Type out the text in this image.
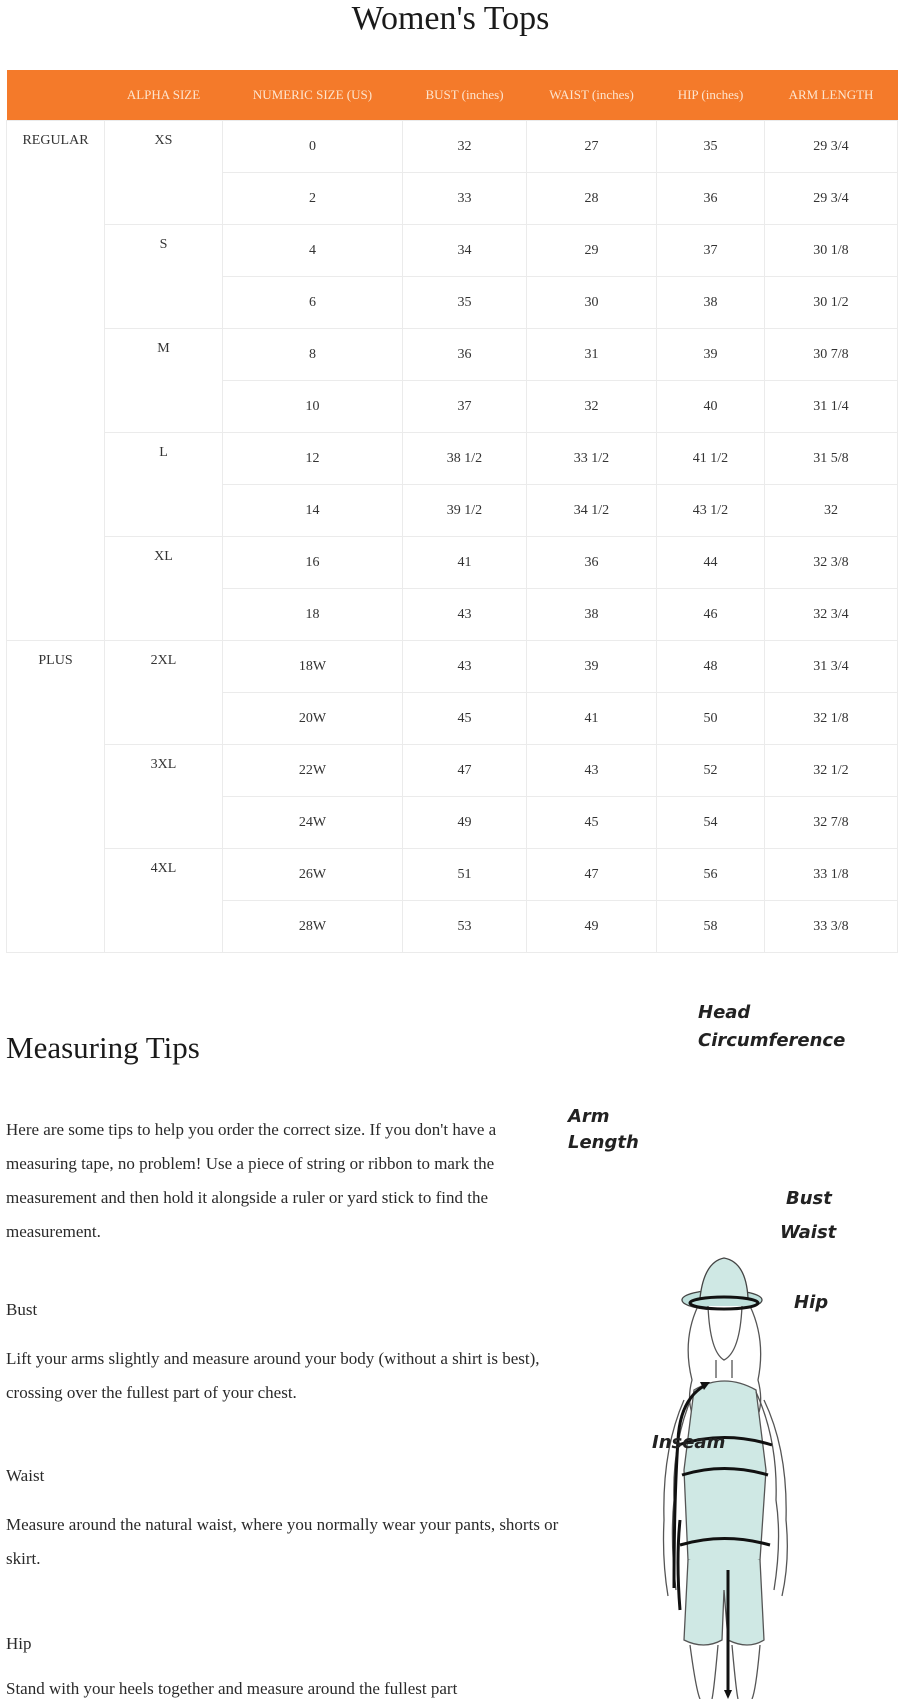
Women's Tops
	ALPHA SIZE	NUMERIC SIZE (US)	BUST (inches)	WAIST (inches)	HIP (inches)	ARM LENGTH
REGULAR	XS	0	32	27	35	29 3/4
		2	33	28	36	29 3/4
	S	4	34	29	37	30 1/8
		6	35	30	38	30 1/2
	M	8	36	31	39	30 7/8
		10	37	32	40	31 1/4
	L	12	38 1/2	33 1/2	41 1/2	31 5/8
		14	39 1/2	34 1/2	43 1/2	32
	XL	16	41	36	44	32 3/8
		18	43	38	46	32 3/4
PLUS	2XL	18W	43	39	48	31 3/4
		20W	45	41	50	32 1/8
	3XL	22W	47	43	52	32 1/2
		24W	49	45	54	32 7/8
	4XL	26W	51	47	56	33 1/8
		28W	53	49	58	33 3/8
Measuring Tips

Here are some tips to help you order the correct size. If you don't have a measuring tape, no problem! Use a piece of string or ribbon to mark the measurement and then hold it alongside a ruler or yard stick to find the measurement.

Bust

Lift your arms slightly and measure around your body (without a shirt is best), crossing over the fullest part of your chest.

Waist

Measure around the natural waist, where you normally wear your pants, shorts or skirt.

Hip

Stand with your heels together and measure around the fullest part

Head
Circumference
Arm
Length
Bust
Waist
Hip
Inseam
